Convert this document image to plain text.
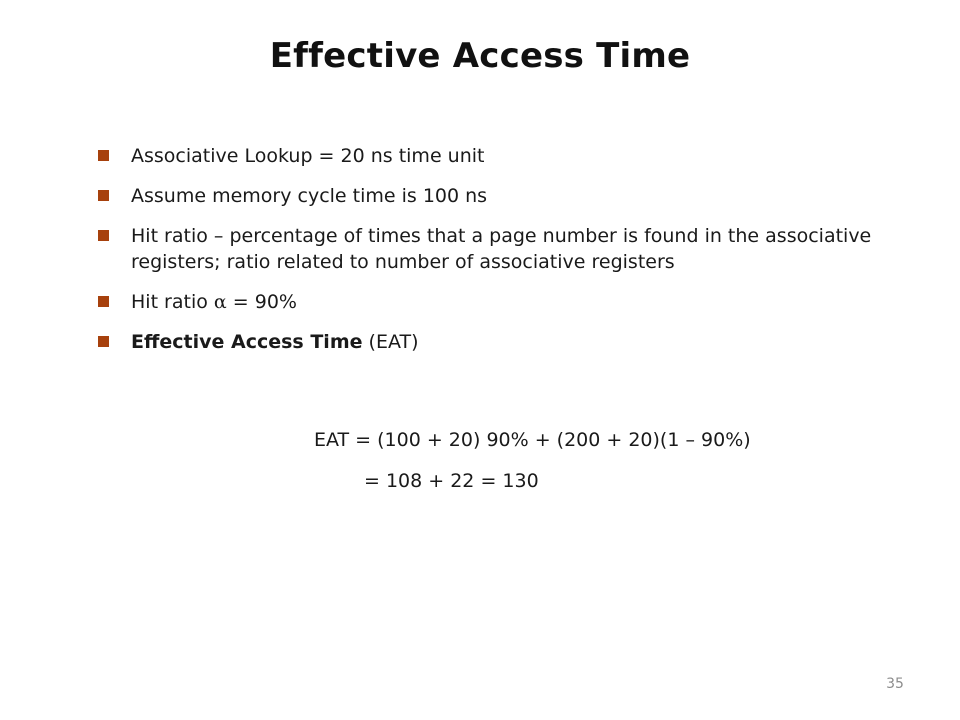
Effective Access Time
Associative Lookup = 20 ns time unit
Assume memory cycle time is 100 ns
Hit ratio – percentage of times that a page number is found in the associative registers; ratio related to number of associative registers
Hit ratio α = 90%
Effective Access Time (EAT)
EAT = (100 + 20) 90% + (200 + 20)(1 – 90%)
= 108 + 22 = 130
35
